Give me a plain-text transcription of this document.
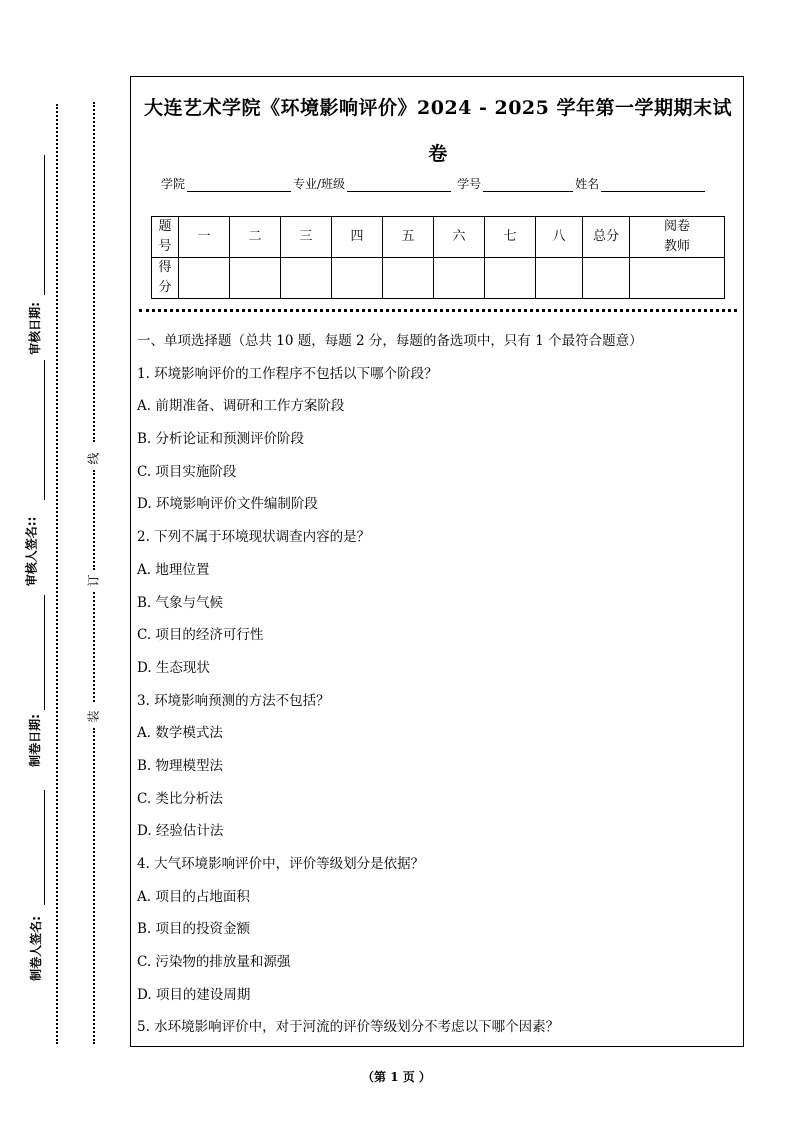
审核日期:
审核人签名::
制卷日期:
制卷人签名:
线
订
装
大连艺术学院《环境影响评价》2024 - 2025 学年第一学期期末试
卷
学院	专业/班级	学号	姓名
题号	一	二	三	四	五	六	七	八	总分	阅卷教师
得分										
一、单项选择题（总共 10 题，每题 2 分，每题的备选项中，只有 1 个最符合题意）
1. 环境影响评价的工作程序不包括以下哪个阶段？
A. 前期准备、调研和工作方案阶段
B. 分析论证和预测评价阶段
C. 项目实施阶段
D. 环境影响评价文件编制阶段
2. 下列不属于环境现状调查内容的是？
A. 地理位置
B. 气象与气候
C. 项目的经济可行性
D. 生态现状
3. 环境影响预测的方法不包括？
A. 数学模式法
B. 物理模型法
C. 类比分析法
D. 经验估计法
4. 大气环境影响评价中，评价等级划分是依据？
A. 项目的占地面积
B. 项目的投资金额
C. 污染物的排放量和源强
D. 项目的建设周期
5. 水环境影响评价中，对于河流的评价等级划分不考虑以下哪个因素？
（第 1 页 ）
